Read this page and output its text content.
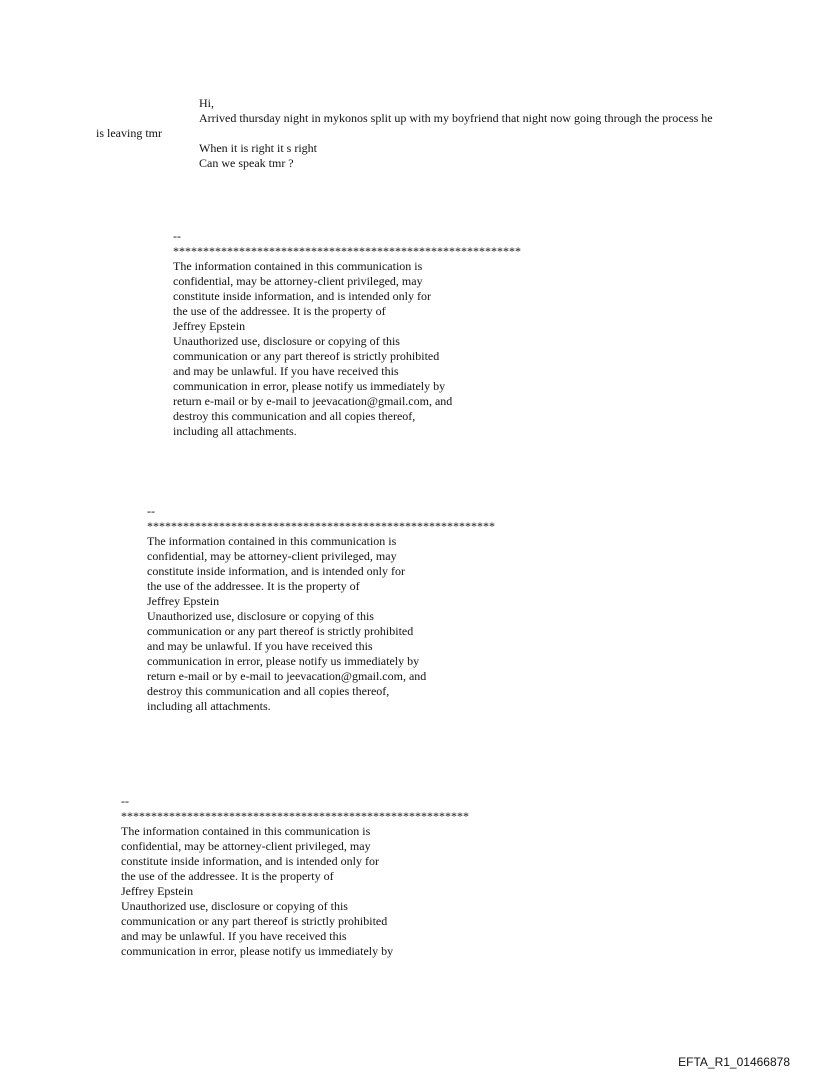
Hi,
Arrived thursday night in mykonos split up with my boyfriend that night now going through the process he is leaving tmr
When it is right it s right
Can we speak tmr ?
--
**********************************************************
The information contained in this communication is
confidential, may be attorney-client privileged, may
constitute inside information, and is intended only for
the use of the addressee. It is the property of
Jeffrey Epstein
Unauthorized use, disclosure or copying of this
communication or any part thereof is strictly prohibited
and may be unlawful. If you have received this
communication in error, please notify us immediately by
return e-mail or by e-mail to jeevacation@gmail.com, and
destroy this communication and all copies thereof,
including all attachments.
--
**********************************************************
The information contained in this communication is
confidential, may be attorney-client privileged, may
constitute inside information, and is intended only for
the use of the addressee. It is the property of
Jeffrey Epstein
Unauthorized use, disclosure or copying of this
communication or any part thereof is strictly prohibited
and may be unlawful. If you have received this
communication in error, please notify us immediately by
return e-mail or by e-mail to jeevacation@gmail.com, and
destroy this communication and all copies thereof,
including all attachments.
--
**********************************************************
The information contained in this communication is
confidential, may be attorney-client privileged, may
constitute inside information, and is intended only for
the use of the addressee. It is the property of
Jeffrey Epstein
Unauthorized use, disclosure or copying of this
communication or any part thereof is strictly prohibited
and may be unlawful. If you have received this
communication in error, please notify us immediately by
EFTA_R1_01466878
